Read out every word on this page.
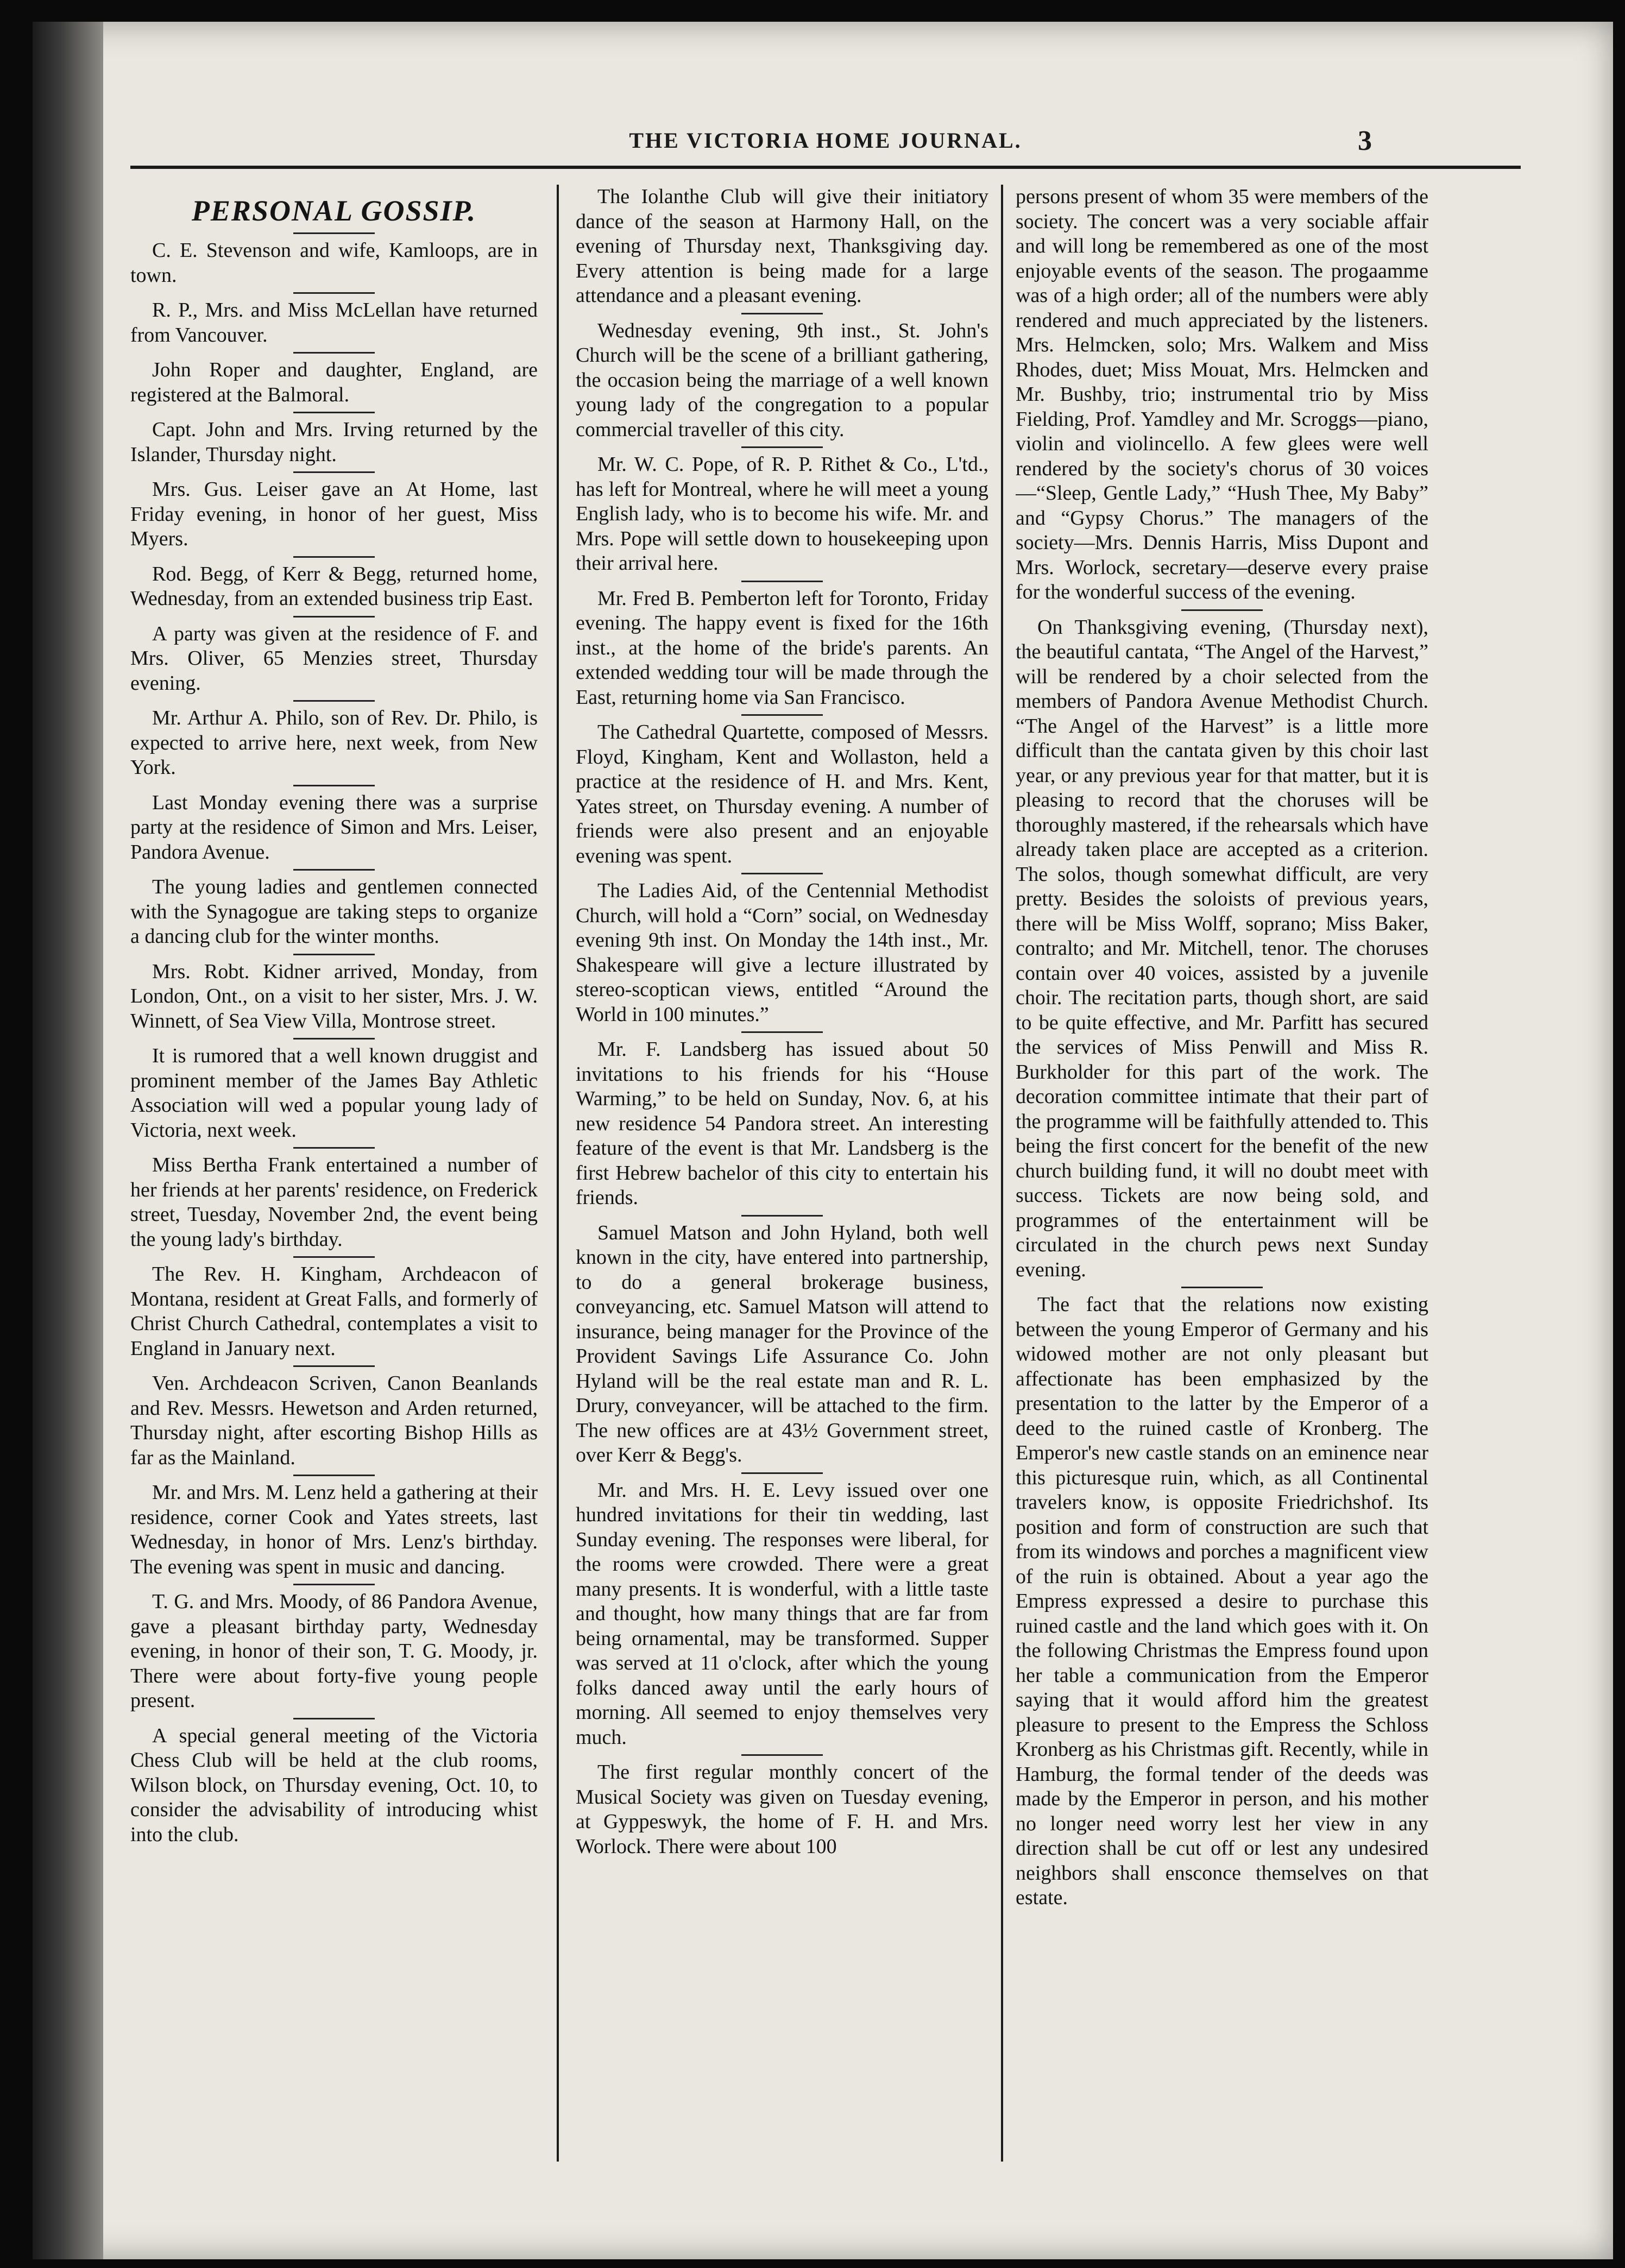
THE VICTORIA HOME JOURNAL.	3
PERSONAL GOSSIP.

C. E. Stevenson and wife, Kamloops, are in town.

R. P., Mrs. and Miss McLellan have returned from Vancouver.

John Roper and daughter, England, are registered at the Balmoral.

Capt. John and Mrs. Irving returned by the Islander, Thursday night.

Mrs. Gus. Leiser gave an At Home, last Friday evening, in honor of her guest, Miss Myers.

Rod. Begg, of Kerr & Begg, returned home, Wednesday, from an extended business trip East.

A party was given at the residence of F. and Mrs. Oliver, 65 Menzies street, Thursday evening.

Mr. Arthur A. Philo, son of Rev. Dr. Philo, is expected to arrive here, next week, from New York.

Last Monday evening there was a surprise party at the residence of Simon and Mrs. Leiser, Pandora Avenue.

The young ladies and gentlemen connected with the Synagogue are taking steps to organize a dancing club for the winter months.

Mrs. Robt. Kidner arrived, Monday, from London, Ont., on a visit to her sister, Mrs. J. W. Winnett, of Sea View Villa, Montrose street.

It is rumored that a well known druggist and prominent member of the James Bay Athletic Association will wed a popular young lady of Victoria, next week.

Miss Bertha Frank entertained a number of her friends at her parents' residence, on Frederick street, Tuesday, November 2nd, the event being the young lady's birthday.

The Rev. H. Kingham, Archdeacon of Montana, resident at Great Falls, and formerly of Christ Church Cathedral, contemplates a visit to England in January next.

Ven. Archdeacon Scriven, Canon Beanlands and Rev. Messrs. Hewetson and Arden returned, Thursday night, after escorting Bishop Hills as far as the Mainland.

Mr. and Mrs. M. Lenz held a gathering at their residence, corner Cook and Yates streets, last Wednesday, in honor of Mrs. Lenz's birthday. The evening was spent in music and dancing.

T. G. and Mrs. Moody, of 86 Pandora Avenue, gave a pleasant birthday party, Wednesday evening, in honor of their son, T. G. Moody, jr. There were about forty-five young people present.

A special general meeting of the Victoria Chess Club will be held at the club rooms, Wilson block, on Thursday evening, Oct. 10, to consider the advisability of introducing whist into the club.

The Iolanthe Club will give their initiatory dance of the season at Harmony Hall, on the evening of Thursday next, Thanksgiving day. Every attention is being made for a large attendance and a pleasant evening.

Wednesday evening, 9th inst., St. John's Church will be the scene of a brilliant gathering, the occasion being the marriage of a well known young lady of the congregation to a popular commercial traveller of this city.

Mr. W. C. Pope, of R. P. Rithet & Co., L'td., has left for Montreal, where he will meet a young English lady, who is to become his wife. Mr. and Mrs. Pope will settle down to housekeeping upon their arrival here.

Mr. Fred B. Pemberton left for Toronto, Friday evening. The happy event is fixed for the 16th inst., at the home of the bride's parents. An extended wedding tour will be made through the East, returning home via San Francisco.

The Cathedral Quartette, composed of Messrs. Floyd, Kingham, Kent and Wollaston, held a practice at the residence of H. and Mrs. Kent, Yates street, on Thursday evening. A number of friends were also present and an enjoyable evening was spent.

The Ladies Aid, of the Centennial Methodist Church, will hold a “Corn” social, on Wednesday evening 9th inst. On Monday the 14th inst., Mr. Shakespeare will give a lecture illustrated by stereo-scoptican views, entitled “Around the World in 100 minutes.”

Mr. F. Landsberg has issued about 50 invitations to his friends for his “House Warming,” to be held on Sunday, Nov. 6, at his new residence 54 Pandora street. An interesting feature of the event is that Mr. Landsberg is the first Hebrew bachelor of this city to entertain his friends.

Samuel Matson and John Hyland, both well known in the city, have entered into partnership, to do a general brokerage business, conveyancing, etc. Samuel Matson will attend to insurance, being manager for the Province of the Provident Savings Life Assurance Co. John Hyland will be the real estate man and R. L. Drury, conveyancer, will be attached to the firm. The new offices are at 43½ Government street, over Kerr & Begg's.

Mr. and Mrs. H. E. Levy issued over one hundred invitations for their tin wedding, last Sunday evening. The responses were liberal, for the rooms were crowded. There were a great many presents. It is wonderful, with a little taste and thought, how many things that are far from being ornamental, may be transformed. Supper was served at 11 o'clock, after which the young folks danced away until the early hours of morning. All seemed to enjoy themselves very much.

The first regular monthly concert of the Musical Society was given on Tuesday evening, at Gyppeswyk, the home of F. H. and Mrs. Worlock. There were about 100

persons present of whom 35 were members of the society. The concert was a very sociable affair and will long be remembered as one of the most enjoyable events of the season. The progaamme was of a high order; all of the numbers were ably rendered and much appreciated by the listeners. Mrs. Helmcken, solo; Mrs. Walkem and Miss Rhodes, duet; Miss Mouat, Mrs. Helmcken and Mr. Bushby, trio; instrumental trio by Miss Fielding, Prof. Yamdley and Mr. Scroggs—piano, violin and violincello. A few glees were well rendered by the society's chorus of 30 voices—“Sleep, Gentle Lady,” “Hush Thee, My Baby” and “Gypsy Chorus.” The managers of the society—Mrs. Dennis Harris, Miss Dupont and Mrs. Worlock, secretary—deserve every praise for the wonderful success of the evening.

On Thanksgiving evening, (Thursday next), the beautiful cantata, “The Angel of the Harvest,” will be rendered by a choir selected from the members of Pandora Avenue Methodist Church. “The Angel of the Harvest” is a little more difficult than the cantata given by this choir last year, or any previous year for that matter, but it is pleasing to record that the choruses will be thoroughly mastered, if the rehearsals which have already taken place are accepted as a criterion. The solos, though somewhat difficult, are very pretty. Besides the soloists of previous years, there will be Miss Wolff, soprano; Miss Baker, contralto; and Mr. Mitchell, tenor. The choruses contain over 40 voices, assisted by a juvenile choir. The recitation parts, though short, are said to be quite effective, and Mr. Parfitt has secured the services of Miss Penwill and Miss R. Burkholder for this part of the work. The decoration committee intimate that their part of the programme will be faithfully attended to. This being the first concert for the benefit of the new church building fund, it will no doubt meet with success. Tickets are now being sold, and programmes of the entertainment will be circulated in the church pews next Sunday evening.

The fact that the relations now existing between the young Emperor of Germany and his widowed mother are not only pleasant but affectionate has been emphasized by the presentation to the latter by the Emperor of a deed to the ruined castle of Kronberg. The Emperor's new castle stands on an eminence near this picturesque ruin, which, as all Continental travelers know, is opposite Friedrichshof. Its position and form of construction are such that from its windows and porches a magnificent view of the ruin is obtained. About a year ago the Empress expressed a desire to purchase this ruined castle and the land which goes with it. On the following Christmas the Empress found upon her table a communication from the Emperor saying that it would afford him the greatest pleasure to present to the Empress the Schloss Kronberg as his Christmas gift. Recently, while in Hamburg, the formal tender of the deeds was made by the Emperor in person, and his mother no longer need worry lest her view in any direction shall be cut off or lest any undesired neighbors shall ensconce themselves on that estate.
